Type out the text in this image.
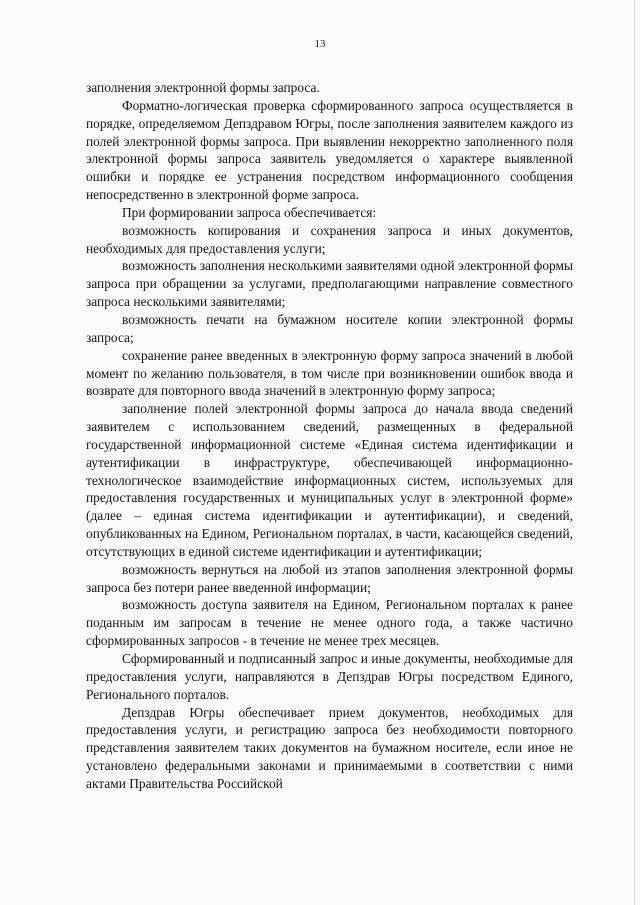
13

заполнения электронной формы запроса.

Форматно-логическая проверка сформированного запроса осуществляется в порядке, определяемом Депздравом Югры, после заполнения заявителем каждого из полей электронной формы запроса. При выявлении некорректно заполненного поля электронной формы запроса заявитель уведомляется о характере выявленной ошибки и порядке ее устранения посредством информационного сообщения непосредственно в электронной форме запроса.

При формировании запроса обеспечивается:

возможность копирования и сохранения запроса и иных документов, необходимых для предоставления услуги;

возможность заполнения несколькими заявителями одной электронной формы запроса при обращении за услугами, предполагающими направление совместного запроса несколькими заявителями;

возможность печати на бумажном носителе копии электронной формы запроса;

сохранение ранее введенных в электронную форму запроса значений в любой момент по желанию пользователя, в том числе при возникновении ошибок ввода и возврате для повторного ввода значений в электронную форму запроса;

заполнение полей электронной формы запроса до начала ввода сведений заявителем с использованием сведений, размещенных в федеральной государственной информационной системе «Единая система идентификации и аутентификации в инфраструктуре, обеспечивающей информационно-технологическое взаимодействие информационных систем, используемых для предоставления государственных и муниципальных услуг в электронной форме» (далее – единая система идентификации и аутентификации), и сведений, опубликованных на Едином, Региональном порталах, в части, касающейся сведений, отсутствующих в единой системе идентификации и аутентификации;

возможность вернуться на любой из этапов заполнения электронной формы запроса без потери ранее введенной информации;

возможность доступа заявителя на Едином, Региональном порталах к ранее поданным им запросам в течение не менее одного года, а также частично сформированных запросов - в течение не менее трех месяцев.

Сформированный и подписанный запрос и иные документы, необходимые для предоставления услуги, направляются в Депздрав Югры посредством Единого, Регионального порталов.

Депздрав Югры обеспечивает прием документов, необходимых для предоставления услуги, и регистрацию запроса без необходимости повторного представления заявителем таких документов на бумажном носителе, если иное не установлено федеральными законами и принимаемыми в соответствии с ними актами Правительства Российской
